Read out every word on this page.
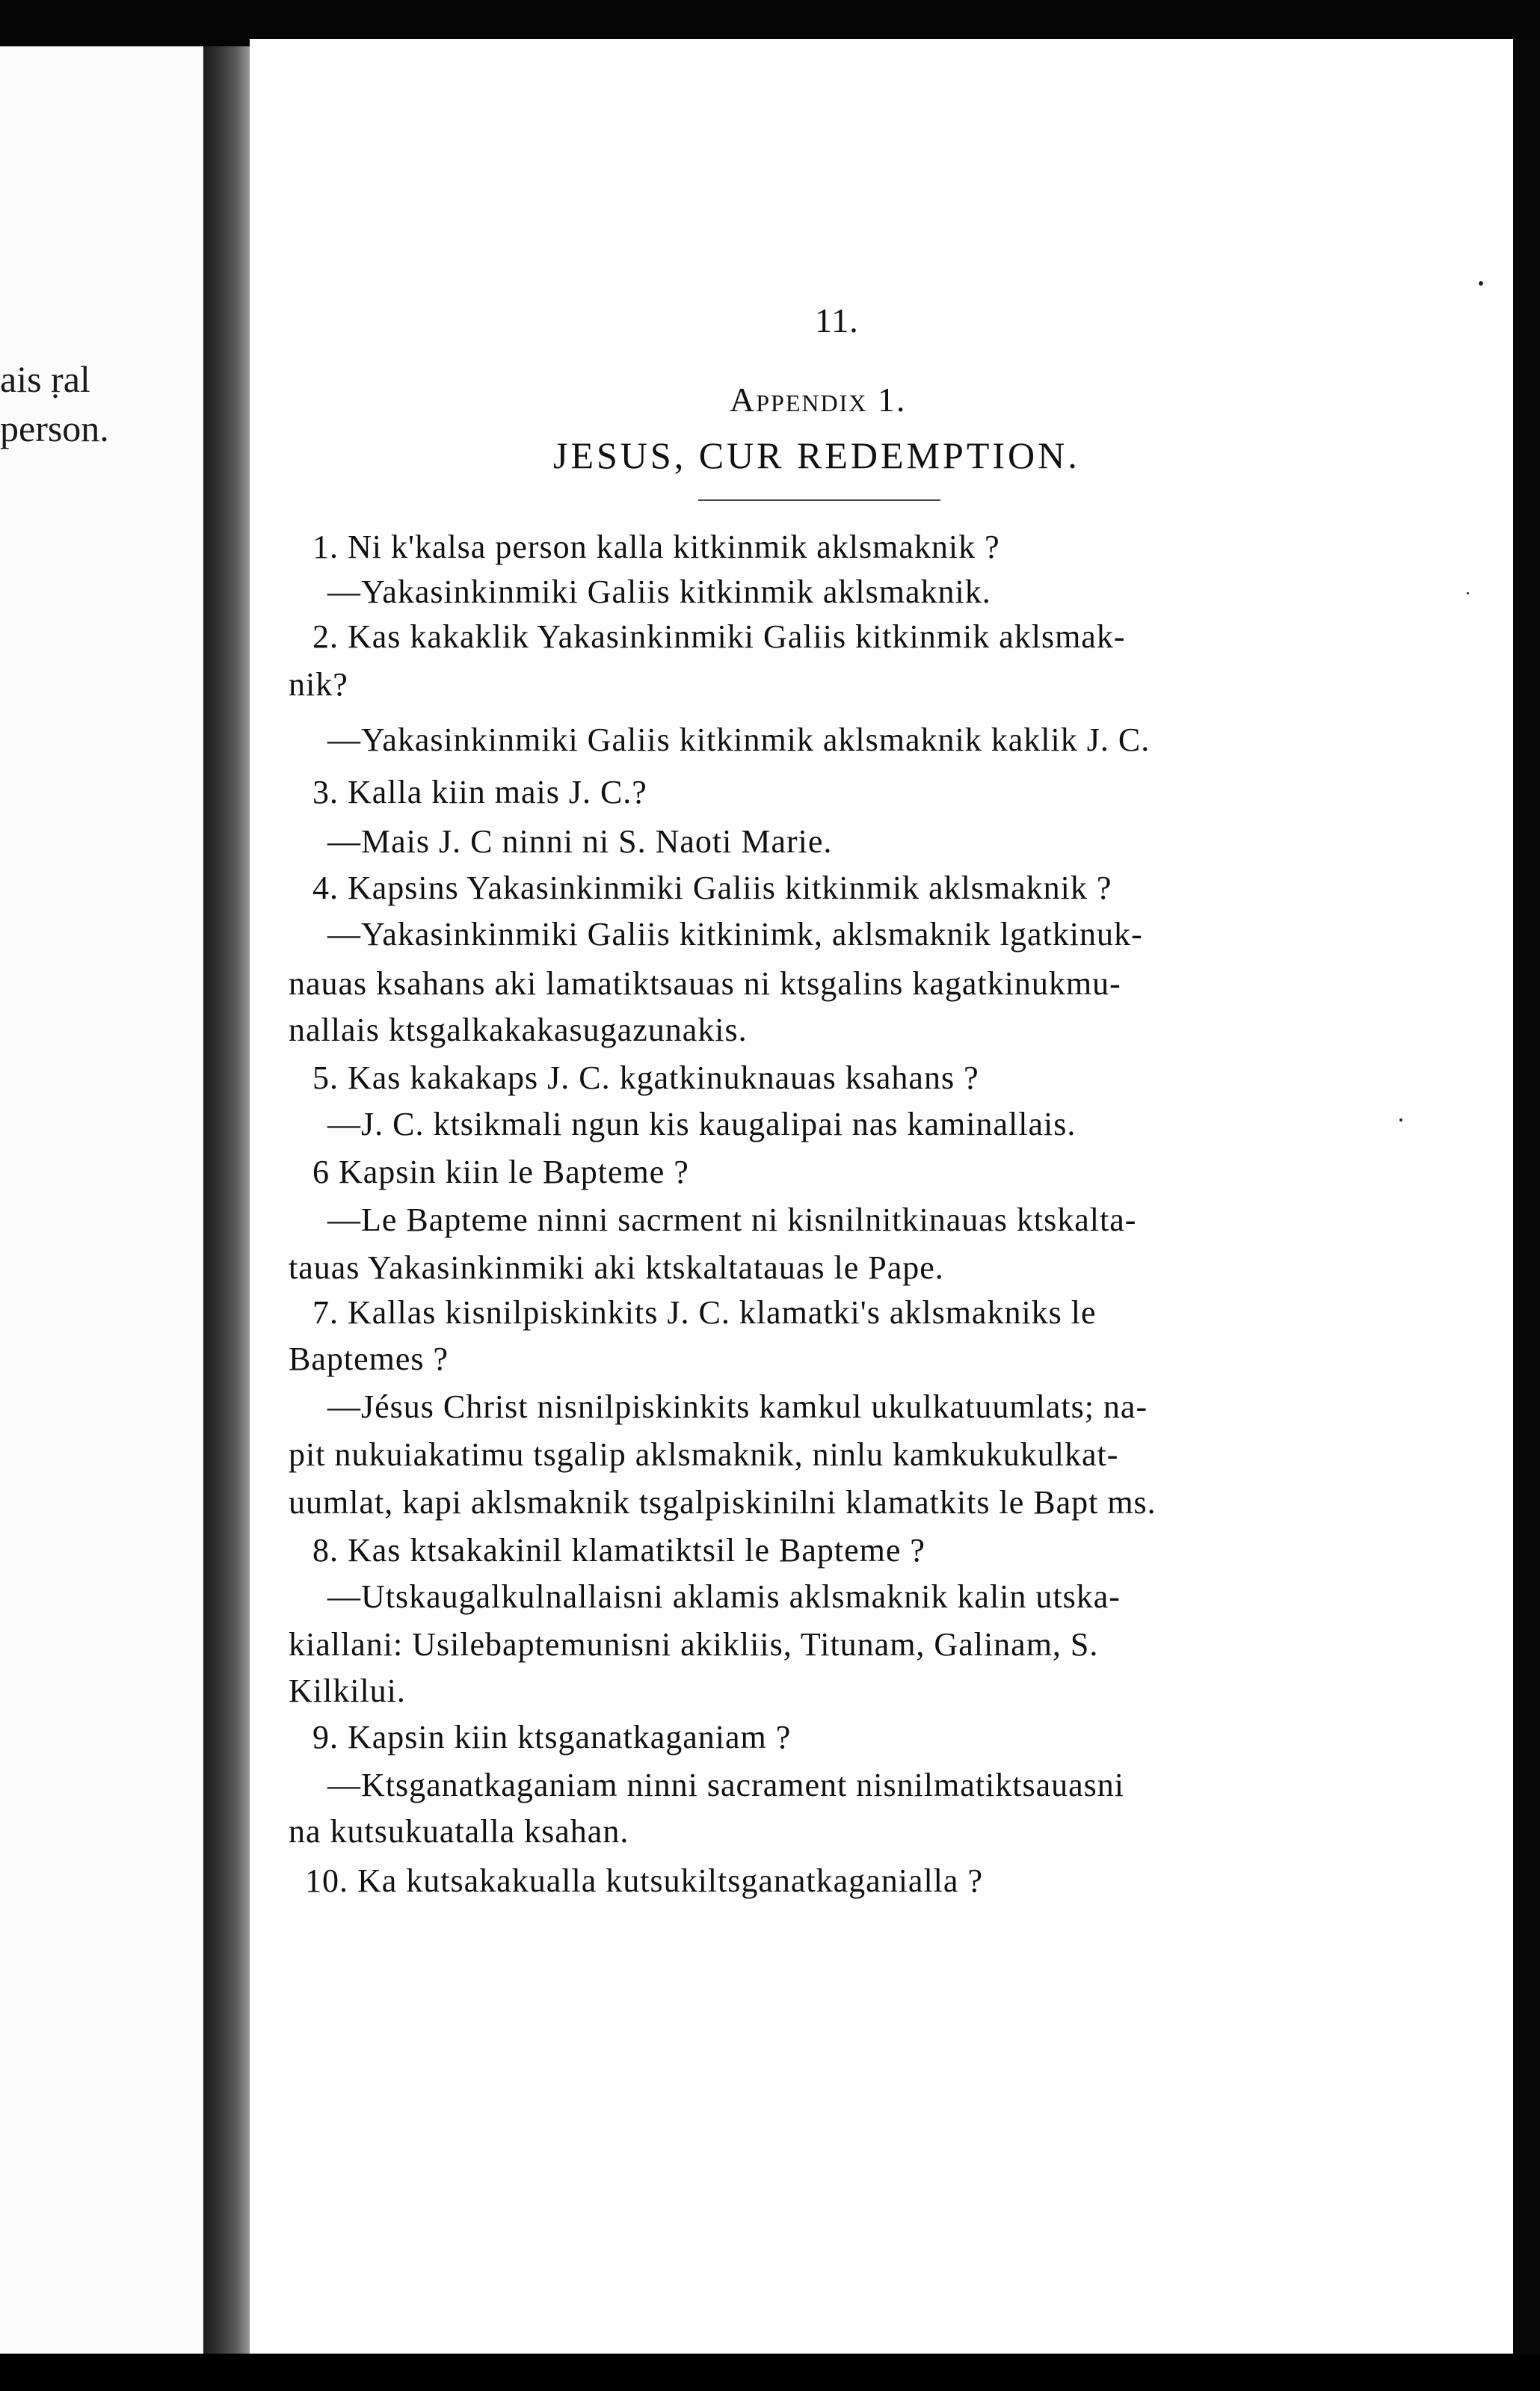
ais ṛal
person.
11.
Appendix 1.
JESUS, CUR REDEMPTION.
1. Ni k'kalsa person kalla kitkinmik aklsmaknik ?
—Yakasinkinmiki Galiis kitkinmik aklsmaknik.
2. Kas kakaklik Yakasinkinmiki Galiis kitkinmik aklsmak-
nik?
—Yakasinkinmiki Galiis kitkinmik aklsmaknik kaklik J. C.
3. Kalla kiin mais J. C.?
—Mais J. C ninni ni S. Naoti Marie.
4. Kapsins Yakasinkinmiki Galiis kitkinmik aklsmaknik ?
—Yakasinkinmiki Galiis kitkinimk, aklsmaknik lgatkinuk-
nauas ksahans aki lamatiktsauas ni ktsgalins kagatkinukmu-
nallais ktsgalkakakasugazunakis.
5. Kas kakakaps J. C. kgatkinuknauas ksahans ?
—J. C. ktsikmali ngun kis kaugalipai nas kaminallais.
6 Kapsin kiin le Bapteme ?
—Le Bapteme ninni sacrment ni kisnilnitkinauas ktskalta-
tauas Yakasinkinmiki aki ktskaltatauas le Pape.
7. Kallas kisnilpiskinkits J. C. klamatki's aklsmakniks le
Baptemes ?
—Jésus Christ nisnilpiskinkits kamkul ukulkatuumlats; na-
pit nukuiakatimu tsgalip aklsmaknik, ninlu kamkukukulkat-
uumlat, kapi aklsmaknik tsgalpiskinilni klamatkits le Bapt ms.
8. Kas ktsakakinil klamatiktsil le Bapteme ?
—Utskaugalkulnallaisni aklamis aklsmaknik kalin utska-
kiallani: Usilebaptemunisni akikliis, Titunam, Galinam, S.
Kilkilui.
9. Kapsin kiin ktsganatkaganiam ?
—Ktsganatkaganiam ninni sacrament nisnilmatiktsauasni
na kutsukuatalla ksahan.
10. Ka kutsakakualla kutsukiltsganatkaganialla ?
